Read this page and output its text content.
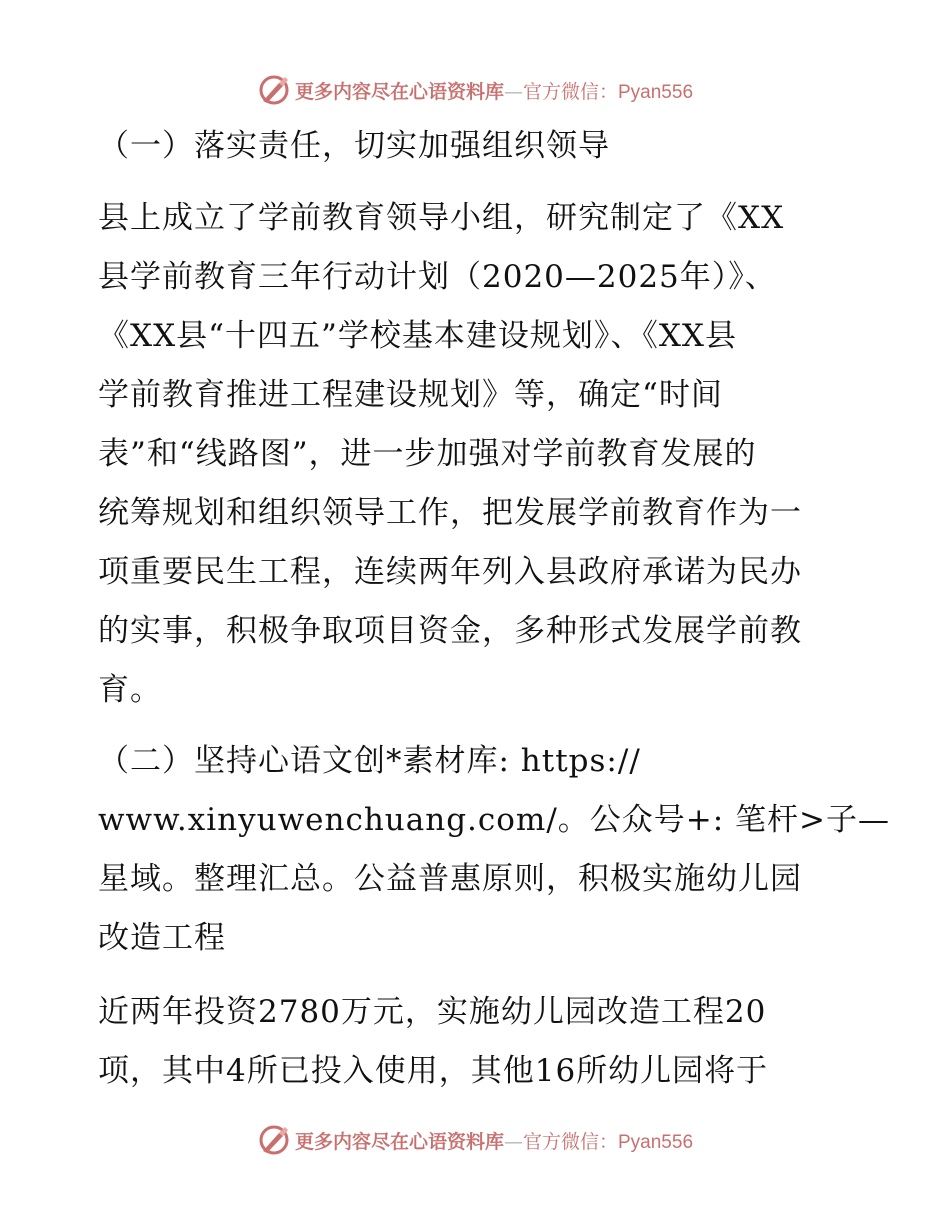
更多内容尽在心语资料库—官方微信：Pyan556
（一）落实责任，切实加强组织领导
县上成立了学前教育领导小组，研究制定了《XX
县学前教育三年行动计划（2020—2025年）》、
《XX县“十四五”学校基本建设规划》、《XX县
学前教育推进工程建设规划》等，确定“时间
表”和“线路图”，进一步加强对学前教育发展的
统筹规划和组织领导工作，把发展学前教育作为一
项重要民生工程，连续两年列入县政府承诺为民办
的实事，积极争取项目资金，多种形式发展学前教
育。
（二）坚持心语文创*素材库: https://
www.xinyuwenchuang.com/。公众号+: 笔杆>子—
星域。整理汇总。公益普惠原则，积极实施幼儿园
改造工程
近两年投资2780万元，实施幼儿园改造工程20
项，其中4所已投入使用，其他16所幼儿园将于
更多内容尽在心语资料库—官方微信：Pyan556
